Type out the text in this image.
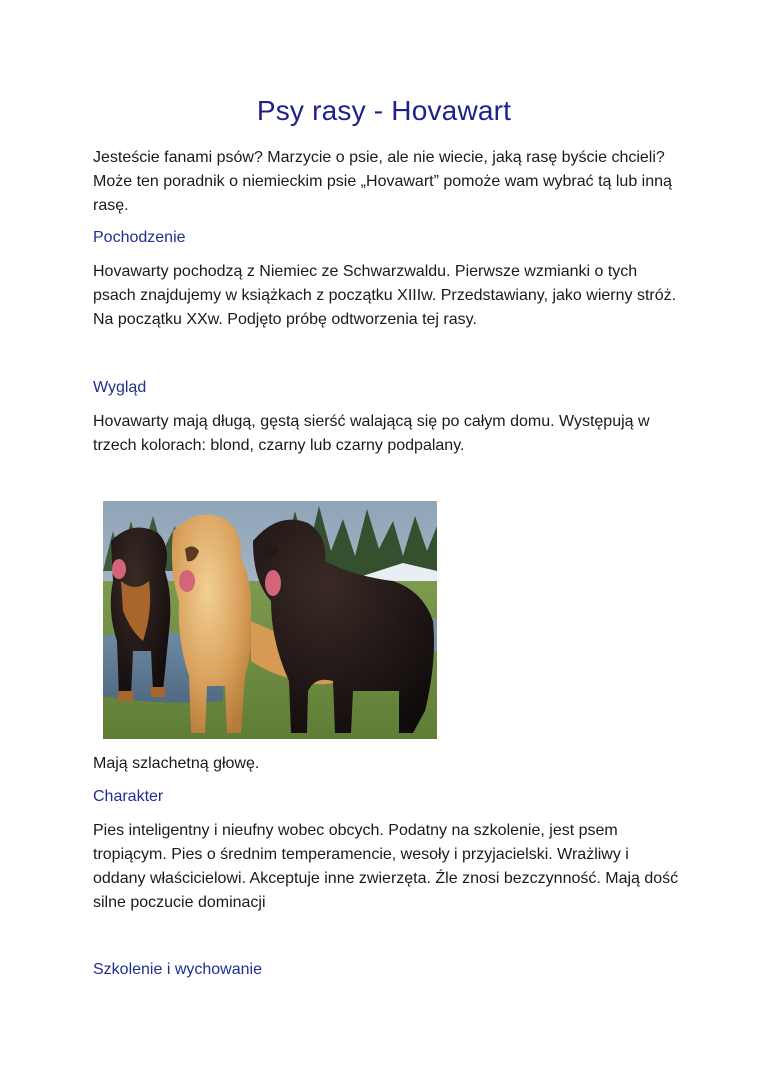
Psy rasy - Hovawart

Jesteście fanami psów? Marzycie o psie, ale nie wiecie, jaką rasę byście chcieli? Może ten poradnik o niemieckim psie „Hovawart” pomoże wam wybrać tą lub inną rasę.

Pochodzenie

Hovawarty pochodzą z Niemiec ze Schwarzwaldu. Pierwsze wzmianki o tych psach znajdujemy w książkach z początku XIIIw. Przedstawiany, jako wierny stróż. Na początku XXw. Podjęto próbę odtworzenia tej rasy.

Wygląd

Hovawarty mają długą, gęstą sierść walającą się po całym domu. Występują w trzech kolorach: blond, czarny lub czarny podpalany.

Mają szlachetną głowę.

Charakter

Pies inteligentny i nieufny wobec obcych. Podatny na szkolenie, jest psem tropiącym. Pies o średnim temperamencie, wesoły i przyjacielski. Wrażliwy i oddany właścicielowi. Akceptuje inne zwierzęta. Źle znosi bezczynność. Mają dość silne poczucie dominacji

Szkolenie i wychowanie
